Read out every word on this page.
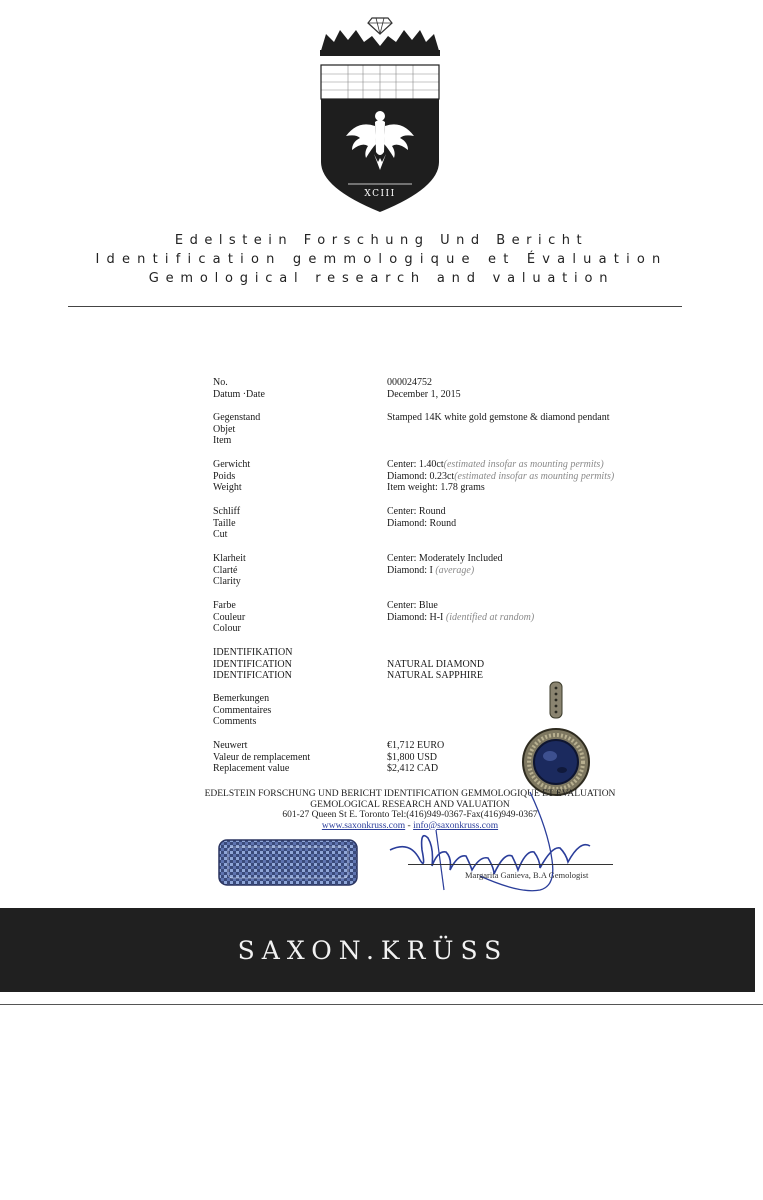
XCIII
Edelstein Forschung Und Bericht
Identification gemmologique et Évaluation
Gemological research and valuation
No.
Datum ·Date
000024752
December 1, 2015
Gegenstand
Objet
Item
Stamped 14K white gold gemstone & diamond pendant
Gerwicht
Poids
Weight
Center: 1.40ct(estimated insofar as mounting permits)
Diamond: 0.23ct(estimated insofar as mounting permits)
Item weight: 1.78 grams
Schliff
Taille
Cut
Center: Round
Diamond: Round
Klarheit
Clarté
Clarity
Center: Moderately Included
Diamond: I (average)
Farbe
Couleur
Colour
Center: Blue
Diamond: H-I (identified at random)
IDENTIFIKATION
IDENTIFICATION
IDENTIFICATION

NATURAL DIAMOND
NATURAL SAPPHIRE
Bemerkungen
Commentaires
Comments
Neuwert
Valeur de remplacement
Replacement value
€1,712 EURO
$1,800 USD
$2,412 CAD
EDELSTEIN FORSCHUNG UND BERICHT IDENTIFICATION GEMMOLOGIQUE ET EVALUATION
GEMOLOGICAL RESEARCH AND VALUATION
601-27 Queen St E. Toronto Tel:(416)949-0367-Fax(416)949-0367
www.saxonkruss.com - info@saxonkruss.com
Margarita Ganieva, B.A Gemologist
SAXON.KRÜSS
